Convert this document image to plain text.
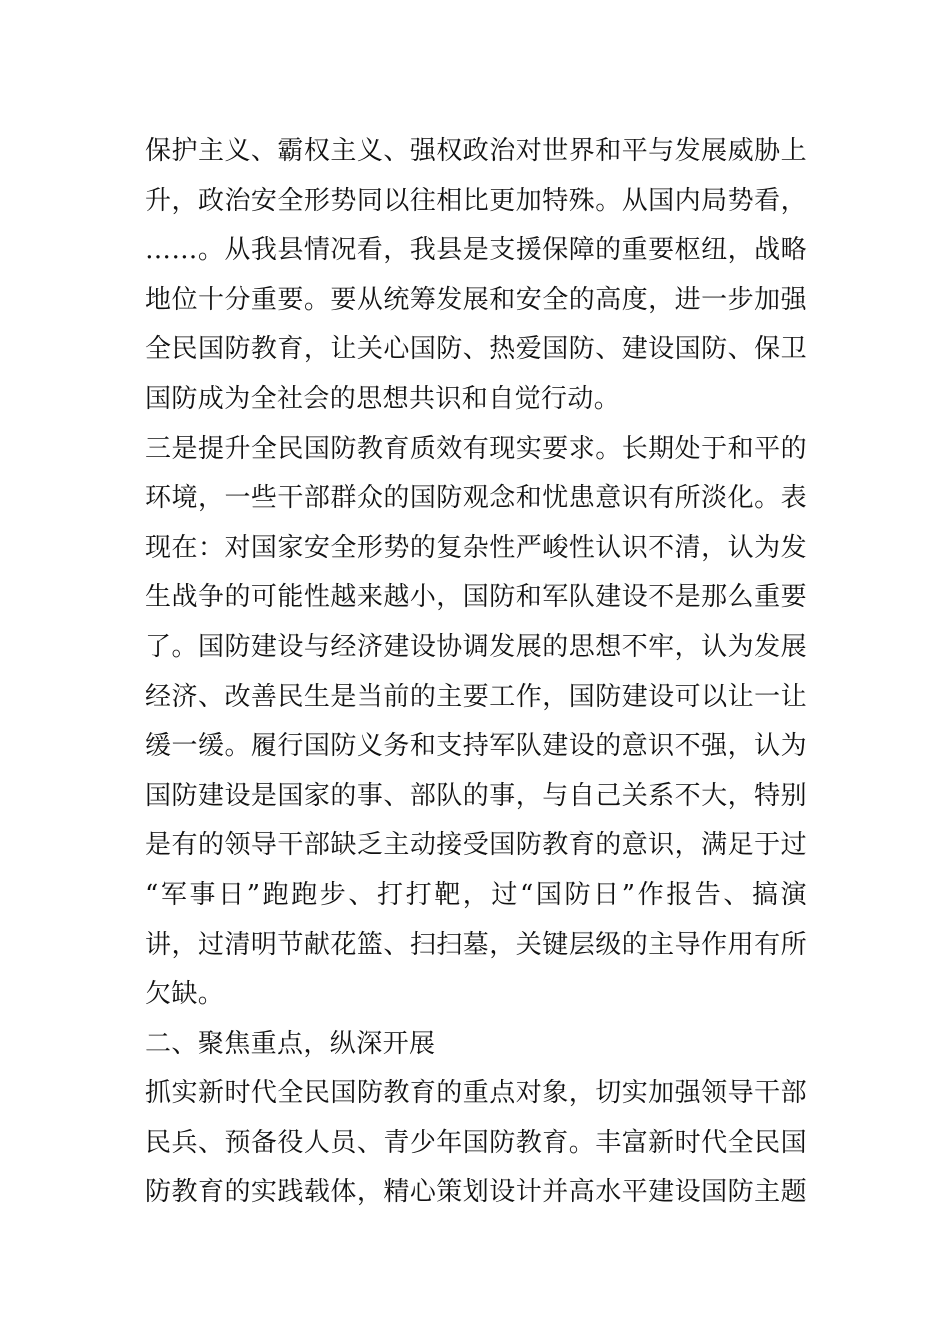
保护主义、霸权主义、强权政治对世界和平与发展威胁上
升，政治安全形势同以往相比更加特殊。从国内局势看，
……。从我县情况看，我县是支援保障的重要枢纽，战略
地位十分重要。要从统筹发展和安全的高度，进一步加强
全民国防教育，让关心国防、热爱国防、建设国防、保卫
国防成为全社会的思想共识和自觉行动。
三是提升全民国防教育质效有现实要求。长期处于和平的
环境，一些干部群众的国防观念和忧患意识有所淡化。表
现在：对国家安全形势的复杂性严峻性认识不清，认为发
生战争的可能性越来越小，国防和军队建设不是那么重要
了。国防建设与经济建设协调发展的思想不牢，认为发展
经济、改善民生是当前的主要工作，国防建设可以让一让
缓一缓。履行国防义务和支持军队建设的意识不强，认为
国防建设是国家的事、部队的事，与自己关系不大，特别
是有的领导干部缺乏主动接受国防教育的意识，满足于过
“军事日”跑跑步、打打靶，过“国防日”作报告、搞演
讲，过清明节献花篮、扫扫墓，关键层级的主导作用有所
欠缺。
二、聚焦重点，纵深开展
抓实新时代全民国防教育的重点对象，切实加强领导干部
民兵、预备役人员、青少年国防教育。丰富新时代全民国
防教育的实践载体，精心策划设计并高水平建设国防主题
